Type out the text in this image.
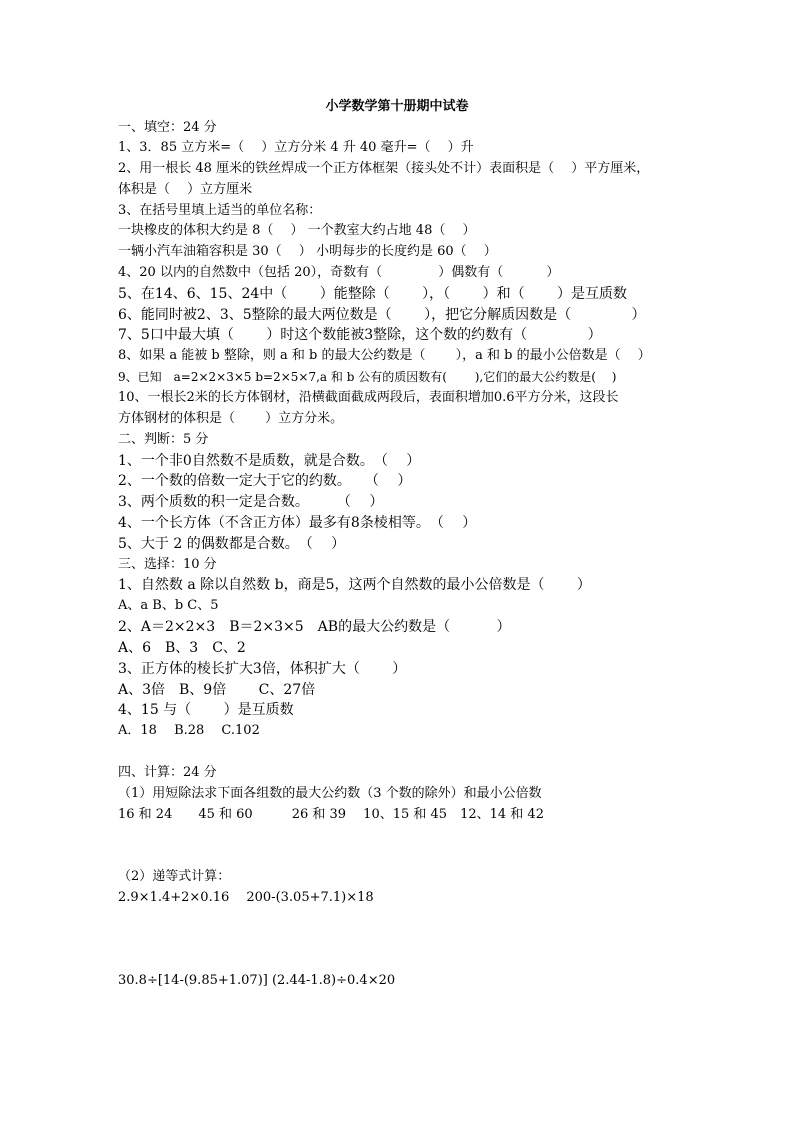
小学数学第十册期中试卷
一、填空：24 分
1、3．85 立方米=（　 ）立方分米 4 升 40 毫升=（　 ）升
2、用一根长 48 厘米的铁丝焊成一个正方体框架（接头处不计）表面积是（　 ）平方厘米，
体积是（　 ）立方厘米
3、在括号里填上适当的单位名称：
一块橡皮的体积大约是 8（　 ） 一个教室大约占地 48（　 ）
一辆小汽车油箱容积是 30（　 ） 小明每步的长度约是 60（　 ）
4、20 以内的自然数中（包括 20），奇数有（　　　　 ）偶数有（　　　 ）
5、在14、6、15、24中（　　 ）能整除（　　 ），（　　 ）和（　　 ）是互质数
6、能同时被2、3、5整除的最大两位数是（　　 ），把它分解质因数是（　　　　 ）
7、5口中最大填（　　 ）时这个数能被3整除，这个数的约数有（　　　　 ）
8、如果 a 能被 b 整除，则 a 和 b 的最大公约数是（　　 ），a 和 b 的最小公倍数是（　 ）
9、已知　a=2×2×3×5 b=2×5×7,a 和 b 公有的质因数有(　　 ),它们的最大公约数是(　 )
10、一根长2米的长方体钢材，沿横截面截成两段后，表面积增加0.6平方分米，这段长
方体钢材的体积是（　　 ）立方分米。
二、判断：5 分
1、一个非0自然数不是质数，就是合数。　（　 ）
2、一个数的倍数一定大于它的约数。　　（　 ）
3、两个质数的积一定是合数。　　　（　 ）
4、一个长方体（不含正方体）最多有8条棱相等。　（　 ）
5、大于 2 的偶数都是合数。　（　 ）
三、选择：10 分
1、自然数 a 除以自然数 b，商是5，这两个自然数的最小公倍数是（　　 ）
A、a B、b C、5
2、A＝2×2×3　B＝2×3×5　AB的最大公约数是（　　　 ）
A、6　B、3　C、2
3、正方体的棱长扩大3倍，体积扩大（　　 ）
A、3倍　B、9倍　　 C、27倍
4、15 与（　　 ）是互质数
A．18　 B.28　 C.102
四、计算：24 分
（1）用短除法求下面各组数的最大公约数（3 个数的除外）和最小公倍数
16 和 24　　45 和 60　　　26 和 39　 10、15 和 45　12、14 和 42
（2）递等式计算：
2.9×1.4+2×0.16　 200-(3.05+7.1)×18
30.8÷[14-(9.85+1.07)] (2.44-1.8)÷0.4×20
